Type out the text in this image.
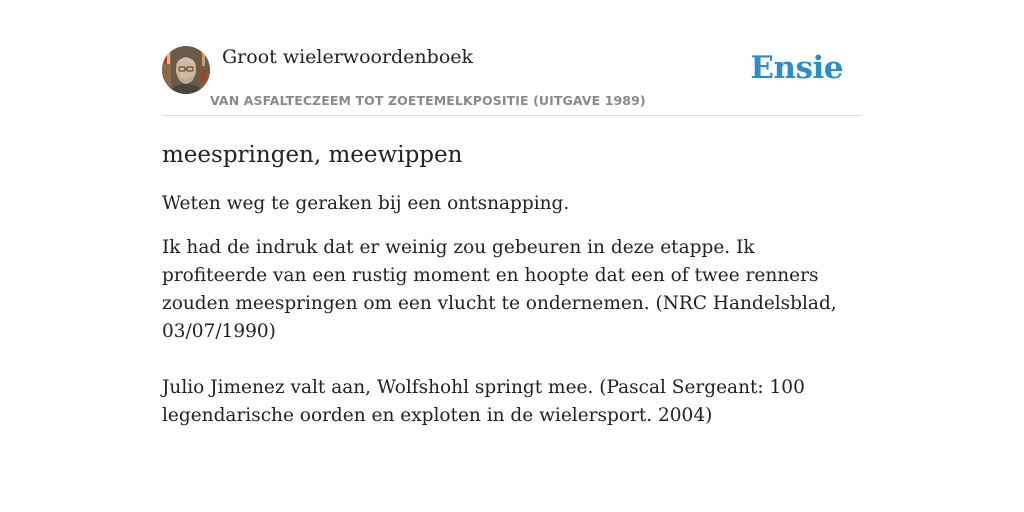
Groot wielerwoordenboek
VAN ASFALTECZEEM TOT ZOETEMELKPOSITIE (UITGAVE 1989)
Ensie
meespringen, meewippen

Weten weg te geraken bij een ontsnapping.

Ik had de indruk dat er weinig zou gebeuren in deze etappe. Ik profiteerde van een rustig moment en hoopte dat een of twee renners zouden meespringen om een vlucht te ondernemen. (NRC Handelsblad, 03/07/1990)

Julio Jimenez valt aan, Wolfshohl springt mee. (Pascal Sergeant: 100 legendarische oorden en exploten in de wielersport. 2004)
